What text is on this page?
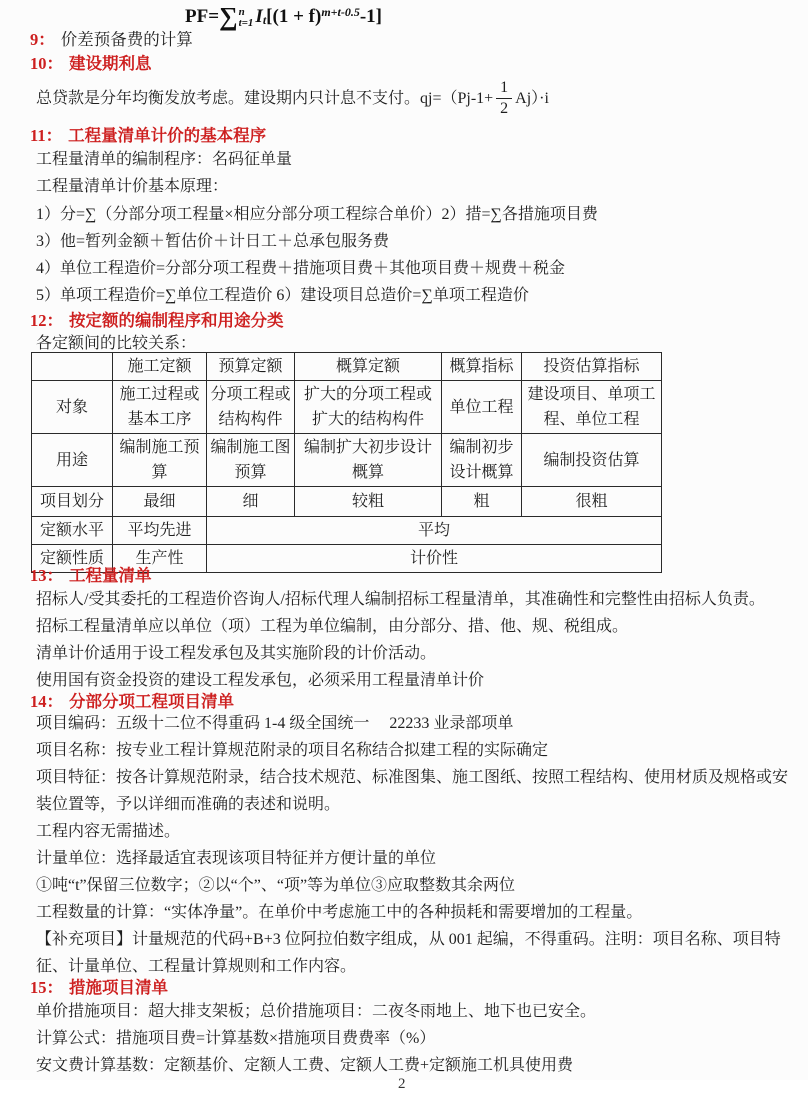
PF= ∑ n
t=1 I t [$(1 + f)^{m+t-0.5}$ -1]

9： 价差预备费的计算

10： 建设期利息

总贷款是分年均衡发放考虑。建设期内只计息不支付。$qj=(Pj-1+ \frac{1}{2} Aj)\cdot i$

11： 工程量清单计价的基本程序

工程量清单的编制程序：名码征单量

工程量清单计价基本原理：

1）分=∑（分部分项工程量×相应分部分项工程综合单价）2）措=∑各措施项目费

3）他=暂列金额＋暂估价＋计日工＋总承包服务费

4）单位工程造价=分部分项工程费＋措施项目费＋其他项目费＋规费＋税金

5）单项工程造价=∑单位工程造价 6）建设项目总造价=∑单项工程造价

12： 按定额的编制程序和用途分类

各定额间的比较关系：

	施工定额	预算定额	概算定额	概算指标	投资估算指标
对象	施工过程或基本工序	分项工程或结构构件	扩大的分项工程或扩大的结构构件	单位工程	建设项目、单项工程、单位工程
用途	编制施工预算	编制施工图预算	编制扩大初步设计概算	编制初步设计概算	编制投资估算
项目划分	最细	细	较粗	粗	很粗
定额水平	平均先进	平均			
定额性质	生产性	计价性			

13： 工程量清单

招标人/受其委托的工程造价咨询人/招标代理人编制招标工程量清单，其准确性和完整性由招标人负责。

招标工程量清单应以单位（项）工程为单位编制，由分部分、措、他、规、税组成。

清单计价适用于设工程发承包及其实施阶段的计价活动。

使用国有资金投资的建设工程发承包，必须采用工程量清单计价

14： 分部分项工程项目清单

项目编码：五级十二位不得重码 1-4 级全国统一　 22233 业录部项单

项目名称：按专业工程计算规范附录的项目名称结合拟建工程的实际确定

项目特征：按各计算规范附录，结合技术规范、标准图集、施工图纸、按照工程结构、使用材质及规格或安装位置等，予以详细而准确的表述和说明。

工程内容无需描述。

计量单位：选择最适宜表现该项目特征并方便计量的单位

①吨“t”保留三位数字；②以“个”、“项”等为单位③应取整数其余两位

工程数量的计算：“实体净量”。在单价中考虑施工中的各种损耗和需要增加的工程量。

【补充项目】计量规范的代码+B+3 位阿拉伯数字组成，从 001 起编，不得重码。注明：项目名称、项目特征、计量单位、工程量计算规则和工作内容。

15： 措施项目清单

单价措施项目：超大排支架板；总价措施项目：二夜冬雨地上、地下也已安全。

计算公式：措施项目费=计算基数×措施项目费费率（%）

安文费计算基数：定额基价、定额人工费、定额人工费+定额施工机具使用费

2
